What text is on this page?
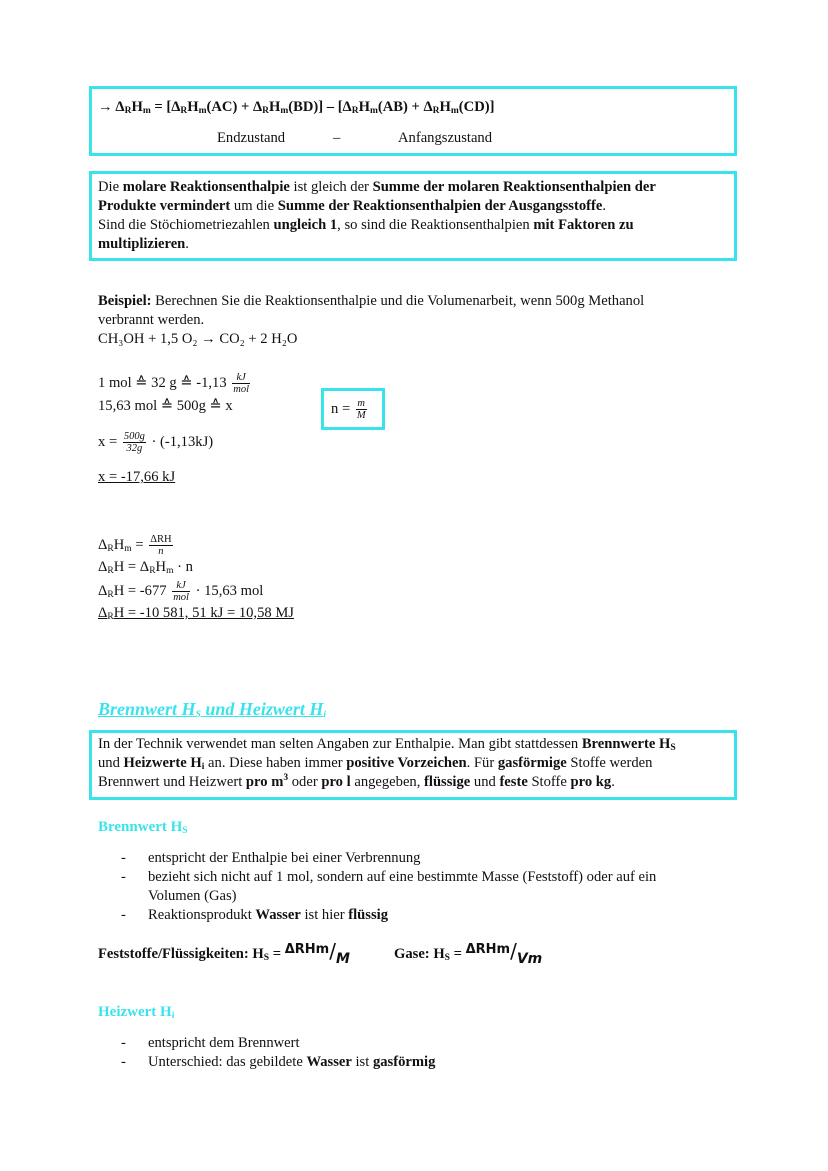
→ $\Delta_RH_m = [\Delta_RH_m(AC) + \Delta_RH_m(BD)] - [\Delta_RH_m(AB) + \Delta_RH_m(CD)]$
Endzustand	–	Anfangszustand
Die molare Reaktionsenthalpie ist gleich der Summe der molaren Reaktionsenthalpien der
Produkte vermindert um die Summe der Reaktionsenthalpien der Ausgangsstoffe.
Sind die Stöchiometriezahlen ungleich 1, so sind die Reaktionsenthalpien mit Faktoren zu
multiplizieren.
Beispiel: Berechnen Sie die Reaktionsenthalpie und die Volumenarbeit, wenn 500g Methanol
verbrannt werden.
CH₃OH + 1,5 O₂ → CO₂ + 2 H₂O
1 mol ≙ 32 g ≙ $-1,13 \frac{kJ}{\text{mol}}$
15,63 mol ≙ 500g ≙ x	$n = \frac{m}{M}$
$x = \frac{500g}{32g} \cdot (-1,13kJ)$
x = -17,66 kJ
$\Delta_RH_m = \frac{\text{ΔRH}}{n}$
$\Delta_RH = \Delta_RH_m \cdot n$
$\Delta_RH = -677 \frac{kJ}{\text{mol}} \cdot 15,63$ mol
$\Delta_RH = -10$ 581, 51 kJ = 10,58 MJ
Brennwert $H_S$ und Heizwert $H_i$
In der Technik verwendet man selten Angaben zur Enthalpie. Man gibt stattdessen Brennwerte $H_S$
und Heizwerte $H_i$ an. Diese haben immer positive Vorzeichen. Für gasförmige Stoffe werden
Brennwert und Heizwert pro $m^3$ oder pro l angegeben, flüssige und feste Stoffe pro kg.
Brennwert $H_S$
- entspricht der Enthalpie bei einer Verbrennung
- bezieht sich nicht auf 1 mol, sondern auf eine bestimmte Masse (Feststoff) oder auf ein
Volumen (Gas)
- Reaktionsprodukt Wasser ist hier flüssig
Feststoffe/Flüssigkeiten: $H_S = \Delta RHm/M$	Gase: $H_S = \Delta RHm/Vm$
Heizwert $H_i$
- entspricht dem Brennwert
- Unterschied: das gebildete Wasser ist gasförmig
